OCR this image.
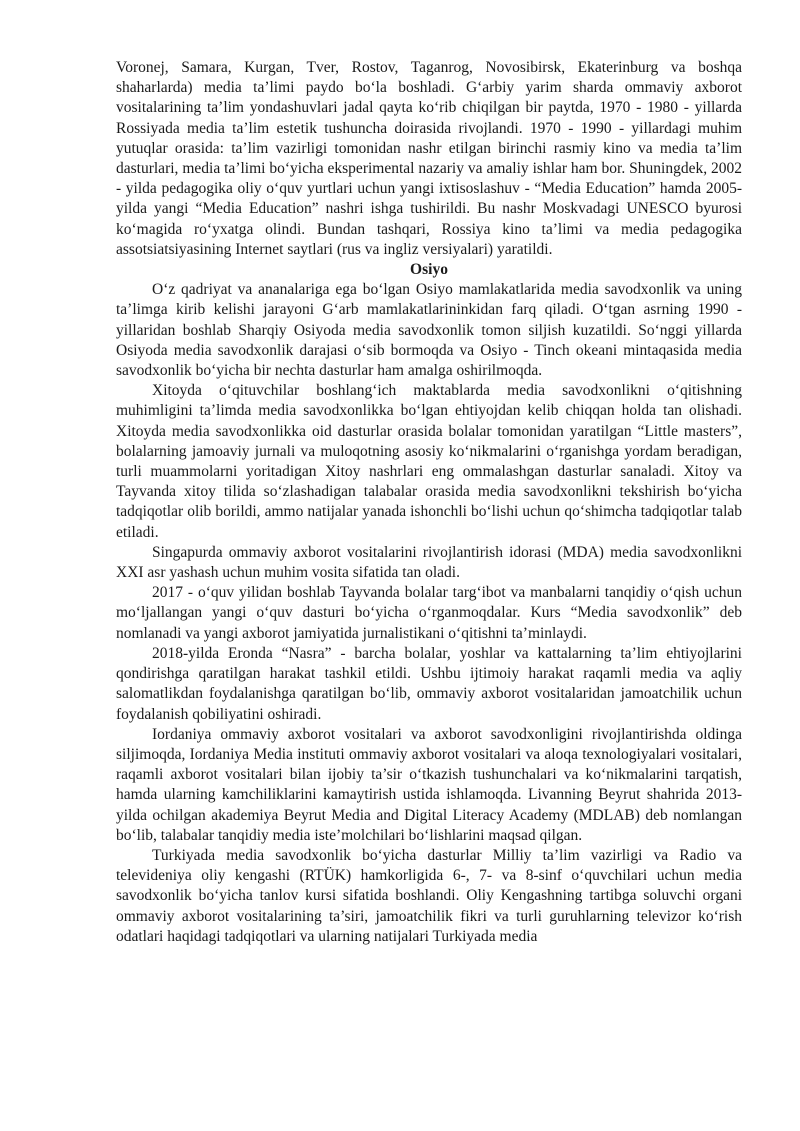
Voronej, Samara, Kurgan, Tver, Rostov, Taganrog, Novosibirsk, Ekaterinburg va boshqa shaharlarda) media ta’limi paydo bo‘la boshladi. G‘arbiy yarim sharda ommaviy axborot vositalarining ta’lim yondashuvlari jadal qayta ko‘rib chiqilgan bir paytda, 1970 - 1980 - yillarda Rossiyada media ta’lim estetik tushuncha doirasida rivojlandi. 1970 - 1990 - yillardagi muhim yutuqlar orasida: ta’lim vazirligi tomonidan nashr etilgan birinchi rasmiy kino va media ta’lim dasturlari, media ta’limi bo‘yicha eksperimental nazariy va amaliy ishlar ham bor. Shuningdek, 2002 - yilda pedagogika oliy o‘quv yurtlari uchun yangi ixtisoslashuv - “Media Education” hamda 2005-yilda yangi “Media Education” nashri ishga tushirildi. Bu nashr Moskvadagi UNESCO byurosi ko‘magida ro‘yxatga olindi. Bundan tashqari, Rossiya kino ta’limi va media pedagogika assotsiatsiyasining Internet saytlari (rus va ingliz versiyalari) yaratildi.

Osiyo

O‘z qadriyat va ananalariga ega bo‘lgan Osiyo mamlakatlarida media savodxonlik va uning ta’limga kirib kelishi jarayoni G‘arb mamlakatlarininkidan farq qiladi. O‘tgan asrning 1990 - yillaridan boshlab Sharqiy Osiyoda media savodxonlik tomon siljish kuzatildi. So‘nggi yillarda Osiyoda media savodxonlik darajasi o‘sib bormoqda va Osiyo - Tinch okeani mintaqasida media savodxonlik bo‘yicha bir nechta dasturlar ham amalga oshirilmoqda.

Xitoyda o‘qituvchilar boshlang‘ich maktablarda media savodxonlikni o‘qitishning muhimligini ta’limda media savodxonlikka bo‘lgan ehtiyojdan kelib chiqqan holda tan olishadi. Xitoyda media savodxonlikka oid dasturlar orasida bolalar tomonidan yaratilgan “Little masters”, bolalarning jamoaviy jurnali va muloqotning asosiy ko‘nikmalarini o‘rganishga yordam beradigan, turli muammolarni yoritadigan Xitoy nashrlari eng ommalashgan dasturlar sanaladi. Xitoy va Tayvanda xitoy tilida so‘zlashadigan talabalar orasida media savodxonlikni tekshirish bo‘yicha tadqiqotlar olib borildi, ammo natijalar yanada ishonchli bo‘lishi uchun qo‘shimcha tadqiqotlar talab etiladi.

Singapurda ommaviy axborot vositalarini rivojlantirish idorasi (MDA) media savodxonlikni XXI asr yashash uchun muhim vosita sifatida tan oladi.

2017 - o‘quv yilidan boshlab Tayvanda bolalar targ‘ibot va manbalarni tanqidiy o‘qish uchun mo‘ljallangan yangi o‘quv dasturi bo‘yicha o‘rganmoqdalar. Kurs “Media savodxonlik” deb nomlanadi va yangi axborot jamiyatida jurnalistikani o‘qitishni ta’minlaydi.

2018-yilda Eronda “Nasra” - barcha bolalar, yoshlar va kattalarning ta’lim ehtiyojlarini qondirishga qaratilgan harakat tashkil etildi. Ushbu ijtimoiy harakat raqamli media va aqliy salomatlikdan foydalanishga qaratilgan bo‘lib, ommaviy axborot vositalaridan jamoatchilik uchun foydalanish qobiliyatini oshiradi.

Iordaniya ommaviy axborot vositalari va axborot savodxonligini rivojlantirishda oldinga siljimoqda, Iordaniya Media instituti ommaviy axborot vositalari va aloqa texnologiyalari vositalari, raqamli axborot vositalari bilan ijobiy ta’sir o‘tkazish tushunchalari va ko‘nikmalarini tarqatish, hamda ularning kamchiliklarini kamaytirish ustida ishlamoqda. Livanning Beyrut shahrida 2013-yilda ochilgan akademiya Beyrut Media and Digital Literacy Academy (MDLAB) deb nomlangan bo‘lib, talabalar tanqidiy media iste’molchilari bo‘lishlarini maqsad qilgan.

Turkiyada media savodxonlik bo‘yicha dasturlar Milliy ta’lim vazirligi va Radio va televideniya oliy kengashi (RTÜK) hamkorligida 6-, 7- va 8-sinf o‘quvchilari uchun media savodxonlik bo‘yicha tanlov kursi sifatida boshlandi. Oliy Kengashning tartibga soluvchi organi ommaviy axborot vositalarining ta’siri, jamoatchilik fikri va turli guruhlarning televizor ko‘rish odatlari haqidagi tadqiqotlari va ularning natijalari Turkiyada media
